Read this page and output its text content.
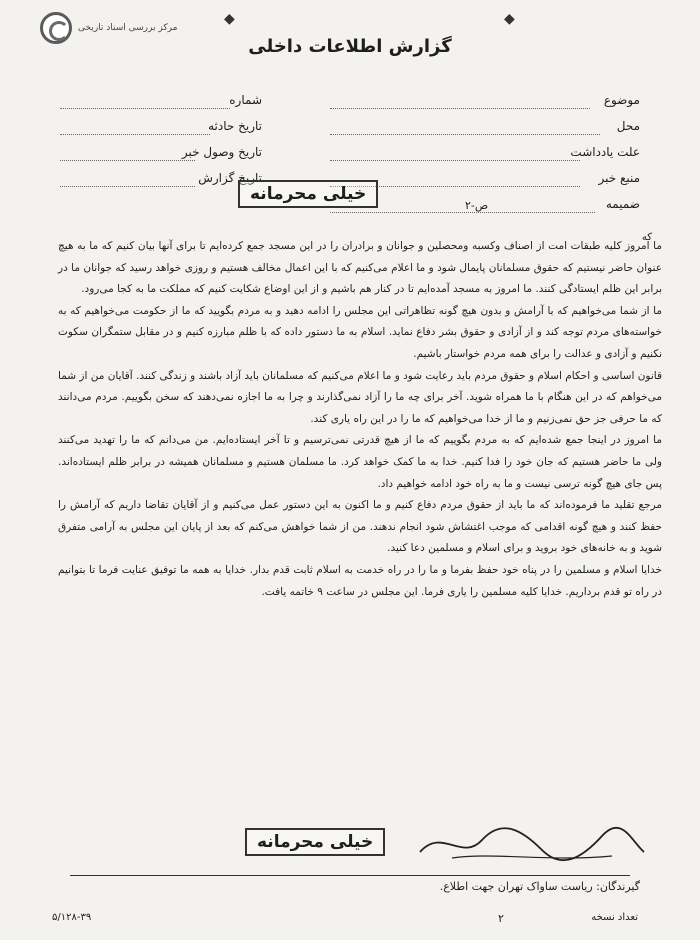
مرکز بررسی اسناد تاریخی
◆	◆
گزارش اطلاعات داخلی
موضوع
شماره
محل
تاریخ حادثه
علت یادداشت
تاریخ وصول خبر
منبع خبر
تاریخ گزارش
ضمیمه
خیلی محرمانه
ص-۲
که

ما امروز کلیه طبقات امت از اصناف وکسبه ومحصلین و جوانان و برادران را در این مسجد جمع کرده‌ایم تا برای آنها بیان کنیم که ما به هیچ عنوان حاضر نیستیم که حقوق مسلمانان پایمال شود و ما اعلام می‌کنیم که با این اعمال مخالف هستیم و روزی خواهد رسید که جوانان ما در برابر این ظلم ایستادگی کنند. ما امروز به مسجد آمده‌ایم تا در کنار هم باشیم و از این اوضاع شکایت کنیم که مملکت ما به کجا می‌رود.

ما از شما می‌خواهیم که با آرامش و بدون هیچ گونه تظاهراتی این مجلس را ادامه دهید و به مردم بگویید که ما از حکومت می‌خواهیم که به خواسته‌های مردم توجه کند و از آزادی و حقوق بشر دفاع نماید. اسلام به ما دستور داده که با ظلم مبارزه کنیم و در مقابل ستمگران سکوت نکنیم و آزادی و عدالت را برای همه مردم خواستار باشیم.

قانون اساسی و احکام اسلام و حقوق مردم باید رعایت شود و ما اعلام می‌کنیم که مسلمانان باید آزاد باشند و زندگی کنند. آقایان من از شما می‌خواهم که در این هنگام با ما همراه شوید. آخر برای چه ما را آزاد نمی‌گذارند و چرا به ما اجازه نمی‌دهند که سخن بگوییم. مردم می‌دانند که ما حرفی جز حق نمی‌زنیم و ما از خدا می‌خواهیم که ما را در این راه یاری کند.

ما امروز در اینجا جمع شده‌ایم که به مردم بگوییم که ما از هیچ قدرتی نمی‌ترسیم و تا آخر ایستاده‌ایم. من می‌دانم که ما را تهدید می‌کنند ولی ما حاضر هستیم که جان خود را فدا کنیم. خدا به ما کمک خواهد کرد. ما مسلمان هستیم و مسلمانان همیشه در برابر ظلم ایستاده‌اند. پس جای هیچ گونه ترسی نیست و ما به راه خود ادامه خواهیم داد.

مرجع تقلید ما فرموده‌اند که ما باید از حقوق مردم دفاع کنیم و ما اکنون به این دستور عمل می‌کنیم و از آقایان تقاضا داریم که آرامش را حفظ کنند و هیچ گونه اقدامی که موجب اغتشاش شود انجام ندهند. من از شما خواهش می‌کنم که بعد از پایان این مجلس به آرامی متفرق شوید و به خانه‌های خود بروید و برای اسلام و مسلمین دعا کنید.

خدایا اسلام و مسلمین را در پناه خود حفظ بفرما و ما را در راه خدمت به اسلام ثابت قدم بدار. خدایا به همه ما توفیق عنایت فرما تا بتوانیم در راه تو قدم برداریم. خدایا کلیه مسلمین را یاری فرما. این مجلس در ساعت ۹ خاتمه یافت.

خیلی محرمانه
گیرندگان: ریاست ساواک تهران جهت اطلاع.
۲	تعداد نسخه
۵/۱۲۸-۳۹
